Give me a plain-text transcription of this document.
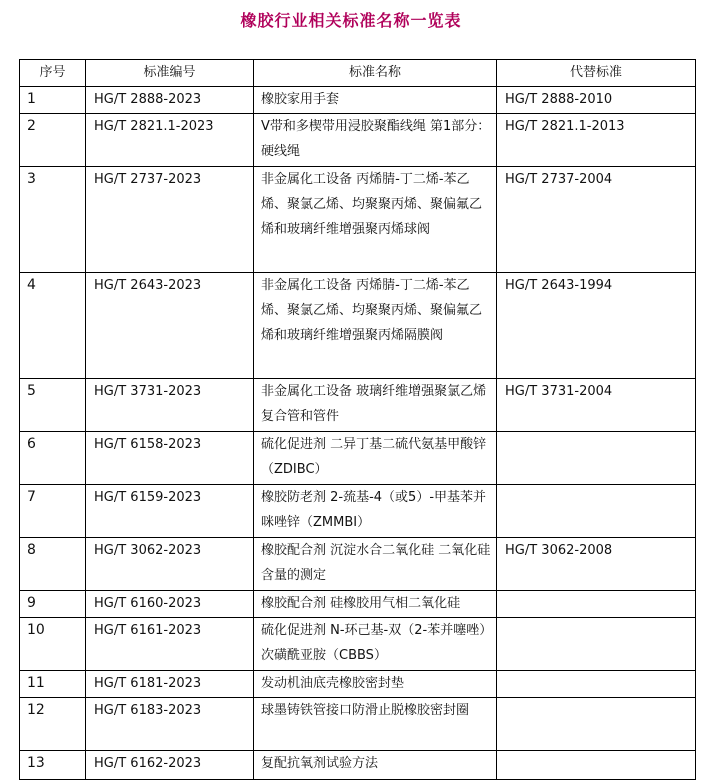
橡胶行业相关标准名称一览表
序号	标准编号	标准名称	代替标准
1	HG/T 2888-2023	橡胶家用手套	HG/T 2888-2010
2	HG/T 2821.1-2023	V带和多楔带用浸胶聚酯线绳 第1部分：硬线绳	HG/T 2821.1-2013
3	HG/T 2737-2023	非金属化工设备 丙烯腈-丁二烯-苯乙烯、聚氯乙烯、均聚聚丙烯、聚偏氟乙烯和玻璃纤维增强聚丙烯球阀	HG/T 2737-2004
4	HG/T 2643-2023	非金属化工设备 丙烯腈-丁二烯-苯乙烯、聚氯乙烯、均聚聚丙烯、聚偏氟乙烯和玻璃纤维增强聚丙烯隔膜阀	HG/T 2643-1994
5	HG/T 3731-2023	非金属化工设备 玻璃纤维增强聚氯乙烯复合管和管件	HG/T 3731-2004
6	HG/T 6158-2023	硫化促进剂 二异丁基二硫代氨基甲酸锌（ZDIBC）	
7	HG/T 6159-2023	橡胶防老剂 2-巯基-4（或5）-甲基苯并咪唑锌（ZMMBI）	
8	HG/T 3062-2023	橡胶配合剂 沉淀水合二氧化硅 二氧化硅含量的测定	HG/T 3062-2008
9	HG/T 6160-2023	橡胶配合剂 硅橡胶用气相二氧化硅	
10	HG/T 6161-2023	硫化促进剂 N-环己基-双（2-苯并噻唑）次磺酰亚胺（CBBS）	
11	HG/T 6181-2023	发动机油底壳橡胶密封垫	
12	HG/T 6183-2023	球墨铸铁管接口防滑止脱橡胶密封圈	
13	HG/T 6162-2023	复配抗氧剂试验方法	
